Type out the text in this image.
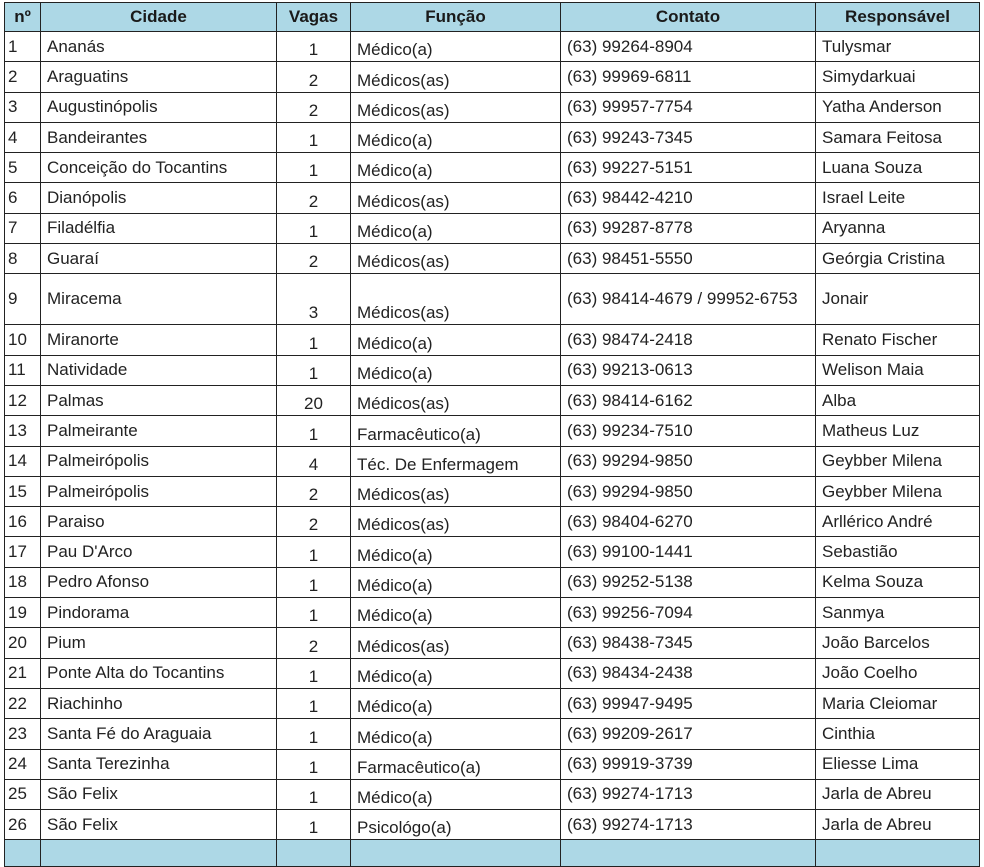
nº	Cidade	Vagas	Função	Contato	Responsável
1	Ananás	1	Médico(a)	(63) 99264-8904	Tulysmar
2	Araguatins	2	Médicos(as)	(63) 99969-6811	Simydarkuai
3	Augustinópolis	2	Médicos(as)	(63) 99957-7754	Yatha Anderson
4	Bandeirantes	1	Médico(a)	(63) 99243-7345	Samara Feitosa
5	Conceição do Tocantins	1	Médico(a)	(63) 99227-5151	Luana Souza
6	Dianópolis	2	Médicos(as)	(63) 98442-4210	Israel Leite
7	Filadélfia	1	Médico(a)	(63) 99287-8778	Aryanna
8	Guaraí	2	Médicos(as)	(63) 98451-5550	Geórgia Cristina
9	Miracema	3	Médicos(as)	(63) 98414-4679 / 99952-6753	Jonair
10	Miranorte	1	Médico(a)	(63) 98474-2418	Renato Fischer
11	Natividade	1	Médico(a)	(63) 99213-0613	Welison Maia
12	Palmas	20	Médicos(as)	(63) 98414-6162	Alba
13	Palmeirante	1	Farmacêutico(a)	(63) 99234-7510	Matheus Luz
14	Palmeirópolis	4	Téc. De Enfermagem	(63) 99294-9850	Geybber Milena
15	Palmeirópolis	2	Médicos(as)	(63) 99294-9850	Geybber Milena
16	Paraiso	2	Médicos(as)	(63) 98404-6270	Arllérico André
17	Pau D'Arco	1	Médico(a)	(63) 99100-1441	Sebastião
18	Pedro Afonso	1	Médico(a)	(63) 99252-5138	Kelma Souza
19	Pindorama	1	Médico(a)	(63) 99256-7094	Sanmya
20	Pium	2	Médicos(as)	(63) 98438-7345	João Barcelos
21	Ponte Alta do Tocantins	1	Médico(a)	(63) 98434-2438	João Coelho
22	Riachinho	1	Médico(a)	(63) 99947-9495	Maria Cleiomar
23	Santa Fé do Araguaia	1	Médico(a)	(63) 99209-2617	Cinthia
24	Santa Terezinha	1	Farmacêutico(a)	(63) 99919-3739	Eliesse Lima
25	São Felix	1	Médico(a)	(63) 99274-1713	Jarla de Abreu
26	São Felix	1	Psicológo(a)	(63) 99274-1713	Jarla de Abreu
